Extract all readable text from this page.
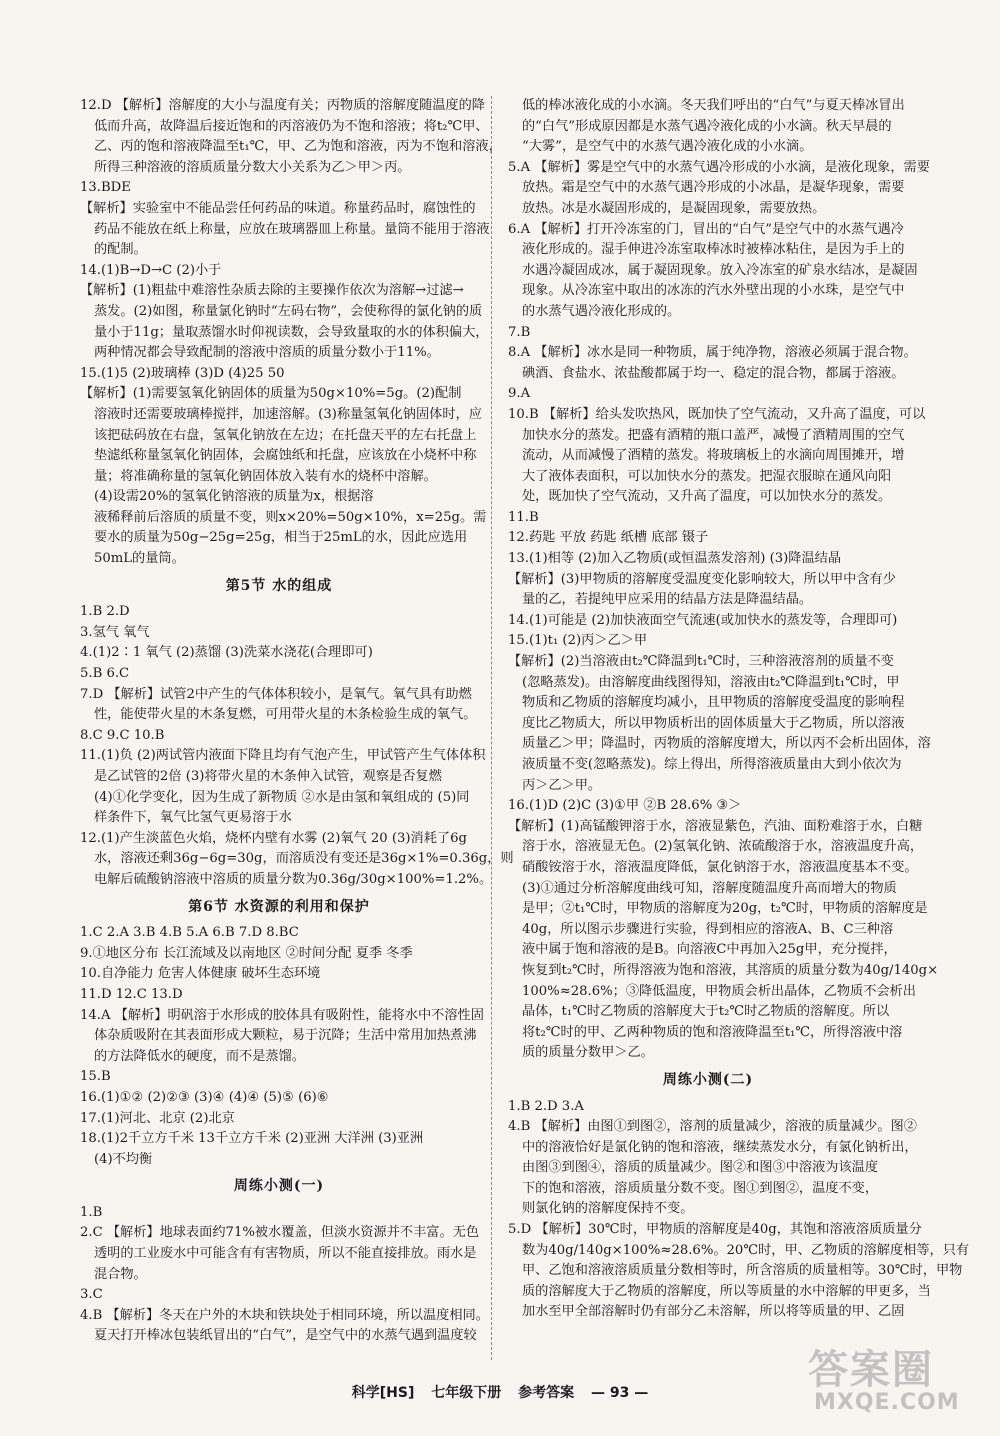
12.D 【解析】溶解度的大小与温度有关；丙物质的溶解度随温度的降
低而升高，故降温后接近饱和的丙溶液仍为不饱和溶液；将t₂℃甲、
乙、丙的饱和溶液降温至t₁℃，甲、乙为饱和溶液，丙为不饱和溶液，
所得三种溶液的溶质质量分数大小关系为乙＞甲＞丙。
13.BDE
【解析】实验室中不能品尝任何药品的味道。称量药品时，腐蚀性的
药品不能放在纸上称量，应放在玻璃器皿上称量。量筒不能用于溶液
的配制。
14.(1)B→D→C (2)小于
【解析】(1)粗盐中难溶性杂质去除的主要操作依次为溶解→过滤→
蒸发。(2)如图，称量氯化钠时“左码右物”，会使称得的氯化钠的质
量小于11g；量取蒸馏水时仰视读数，会导致量取的水的体积偏大，
两种情况都会导致配制的溶液中溶质的质量分数小于11%。
15.(1)5 (2)玻璃棒 (3)D (4)25 50
【解析】(1)需要氢氧化钠固体的质量为50g×10%=5g。(2)配制
溶液时还需要玻璃棒搅拌，加速溶解。(3)称量氢氧化钠固体时，应
该把砝码放在右盘，氢氧化钠放在左边；在托盘天平的左右托盘上
垫滤纸称量氢氧化钠固体，会腐蚀纸和托盘，应该放在小烧杯中称
量；将准确称量的氢氧化钠固体放入装有水的烧杯中溶解。
(4)设需20%的氢氧化钠溶液的质量为x，根据溶
液稀释前后溶质的质量不变，则x×20%=50g×10%，x=25g。需
要水的质量为50g−25g=25g，相当于25mL的水，因此应选用
50mL的量筒。
第5节 水的组成
1.B 2.D
3.氢气 氧气
4.(1)2∶1 氧气 (2)蒸馏 (3)洗菜水浇花(合理即可)
5.B 6.C
7.D 【解析】试管2中产生的气体体积较小，是氧气。氧气具有助燃
性，能使带火星的木条复燃，可用带火星的木条检验生成的氧气。
8.C 9.C 10.B
11.(1)负 (2)两试管内液面下降且均有气泡产生，甲试管产生气体体积
是乙试管的2倍 (3)将带火星的木条伸入试管，观察是否复燃
(4)①化学变化，因为生成了新物质 ②水是由氢和氧组成的 (5)同
样条件下，氧气比氢气更易溶于水
12.(1)产生淡蓝色火焰，烧杯内壁有水雾 (2)氧气 20 (3)消耗了6g
水，溶液还剩36g−6g=30g，而溶质没有变还是36g×1%=0.36g，则
电解后硫酸钠溶液中溶质的质量分数为0.36g/30g×100%=1.2%。
第6节 水资源的利用和保护
1.C 2.A 3.B 4.B 5.A 6.B 7.D 8.BC
9.①地区分布 长江流域及以南地区 ②时间分配 夏季 冬季
10.自净能力 危害人体健康 破坏生态环境
11.D 12.C 13.D
14.A 【解析】明矾溶于水形成的胶体具有吸附性，能将水中不溶性固
体杂质吸附在其表面形成大颗粒，易于沉降；生活中常用加热煮沸
的方法降低水的硬度，而不是蒸馏。
15.B
16.(1)①② (2)②③ (3)④ (4)④ (5)⑤ (6)⑥
17.(1)河北、北京 (2)北京
18.(1)2千立方千米 13千立方千米 (2)亚洲 大洋洲 (3)亚洲
(4)不均衡
周练小测(一)
1.B
2.C 【解析】地球表面约71%被水覆盖，但淡水资源并不丰富。无色
透明的工业废水中可能含有有害物质，所以不能直接排放。雨水是
混合物。
3.C
4.B 【解析】冬天在户外的木块和铁块处于相同环境，所以温度相同。
夏天打开棒冰包装纸冒出的“白气”，是空气中的水蒸气遇到温度较
低的棒冰液化成的小水滴。冬天我们呼出的“白气”与夏天棒冰冒出
的“白气”形成原因都是水蒸气遇冷液化成的小水滴。秋天早晨的
“大雾”，是空气中的水蒸气遇冷液化成的小水滴。
5.A 【解析】雾是空气中的水蒸气遇冷形成的小水滴，是液化现象，需要
放热。霜是空气中的水蒸气遇冷形成的小冰晶，是凝华现象，需要
放热。冰是水凝固形成的，是凝固现象，需要放热。
6.A 【解析】打开冷冻室的门，冒出的“白气”是空气中的水蒸气遇冷
液化形成的。湿手伸进冷冻室取棒冰时被棒冰粘住，是因为手上的
水遇冷凝固成冰，属于凝固现象。放入冷冻室的矿泉水结冰，是凝固
现象。从冷冻室中取出的冰冻的汽水外壁出现的小水珠，是空气中
的水蒸气遇冷液化形成的。
7.B
8.A 【解析】冰水是同一种物质，属于纯净物，溶液必须属于混合物。
碘酒、食盐水、浓盐酸都属于均一、稳定的混合物，都属于溶液。
9.A
10.B 【解析】给头发吹热风，既加快了空气流动，又升高了温度，可以
加快水分的蒸发。把盛有酒精的瓶口盖严，减慢了酒精周围的空气
流动，从而减慢了酒精的蒸发。将玻璃板上的水滴向周围摊开，增
大了液体表面积，可以加快水分的蒸发。把湿衣服晾在通风向阳
处，既加快了空气流动，又升高了温度，可以加快水分的蒸发。
11.B
12.药匙 平放 药匙 纸槽 底部 镊子
13.(1)相等 (2)加入乙物质(或恒温蒸发溶剂) (3)降温结晶
【解析】(3)甲物质的溶解度受温度变化影响较大，所以甲中含有少
量的乙，若提纯甲应采用的结晶方法是降温结晶。
14.(1)可能是 (2)加快液面空气流速(或加快水的蒸发等，合理即可)
15.(1)t₁ (2)丙＞乙＞甲
【解析】(2)当溶液由t₂℃降温到t₁℃时，三种溶液溶剂的质量不变
(忽略蒸发)。由溶解度曲线图得知，溶液由t₂℃降温到t₁℃时，甲
物质和乙物质的溶解度均减小，且甲物质的溶解度受温度的影响程
度比乙物质大，所以甲物质析出的固体质量大于乙物质，所以溶液
质量乙＞甲；降温时，丙物质的溶解度增大，所以丙不会析出固体，溶
液质量不变(忽略蒸发)。综上得出，所得溶液质量由大到小依次为
丙＞乙＞甲。
16.(1)D (2)C (3)①甲 ②B 28.6% ③＞
【解析】(1)高锰酸钾溶于水，溶液显紫色，汽油、面粉难溶于水，白糖
溶于水，溶液显无色。(2)氢氧化钠、浓硫酸溶于水，溶液温度升高，
硝酸铵溶于水，溶液温度降低，氯化钠溶于水，溶液温度基本不变。
(3)①通过分析溶解度曲线可知，溶解度随温度升高而增大的物质
是甲；②t₁℃时，甲物质的溶解度为20g，t₂℃时，甲物质的溶解度是
40g，所以图示步骤进行实验，得到相应的溶液A、B、C三种溶
液中属于饱和溶液的是B。向溶液C中再加入25g甲，充分搅拌，
恢复到t₂℃时，所得溶液为饱和溶液，其溶质的质量分数为40g/140g×
100%≈28.6%；③降低温度，甲物质会析出晶体，乙物质不会析出
晶体，t₁℃时乙物质的溶解度大于t₂℃时乙物质的溶解度。所以
将t₂℃时的甲、乙两种物质的饱和溶液降温至t₁℃，所得溶液中溶
质的质量分数甲＞乙。
周练小测(二)
1.B 2.D 3.A
4.B 【解析】由图①到图②，溶剂的质量减少，溶液的质量减少。图②
中的溶液恰好是氯化钠的饱和溶液，继续蒸发水分，有氯化钠析出，
由图③到图④，溶质的质量减少。图②和图③中溶液为该温度
下的饱和溶液，溶质质量分数不变。图①到图②，温度不变，
则氯化钠的溶解度保持不变。
5.D 【解析】30℃时，甲物质的溶解度是40g，其饱和溶液溶质质量分
数为40g/140g×100%≈28.6%。20℃时，甲、乙物质的溶解度相等，只有
甲、乙饱和溶液溶质质量分数相等时，所含溶质的质量相等。30℃时，甲物
质的溶解度大于乙物质的溶解度，所以等质量的水中溶解的甲更多，当
加水至甲全部溶解时仍有部分乙未溶解，所以将等质量的甲、乙固
科学[HS] 七年级下册 参考答案 — 93 —	答案圈
MXQE.COM
